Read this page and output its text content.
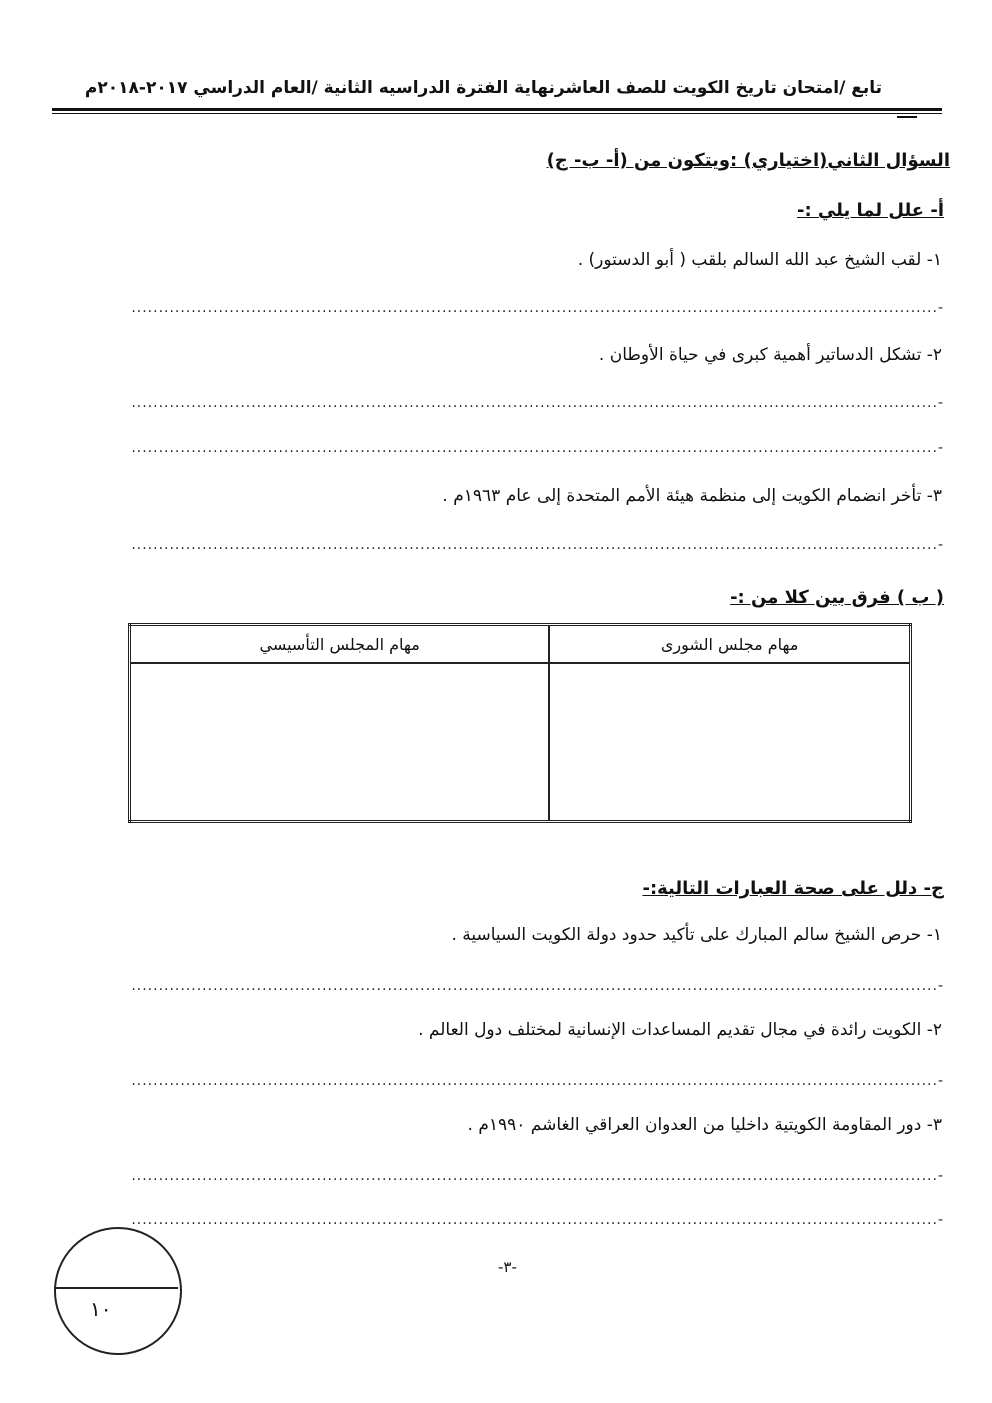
تابع /امتحان تاريخ الكويت للصف العاشرنهاية الفترة الدراسيه الثانية /العام الدراسي ٢٠١٧-٢٠١٨م
السؤال الثاني(اختياري) :ويتكون من (أ- ب- ج)
أ- علل لما يلي :-
١- لقب الشيخ عبد الله السالم بلقب ( أبو الدستور) .
-....................................................................................................................................................
٢- تشكل الدساتير أهمية كبرى في حياة الأوطان .
-....................................................................................................................................................
-....................................................................................................................................................
٣- تأخر انضمام الكويت إلى منظمة هيئة الأمم المتحدة إلى عام ١٩٦٣م .
-....................................................................................................................................................
( ب ) فرق بين كلا من :-
مهام مجلس الشورى	مهام المجلس التأسيسي

ج- دلل على صحة العبارات التالية:-
١- حرص الشيخ سالم المبارك على تأكيد حدود دولة الكويت السياسية .
-....................................................................................................................................................
٢- الكويت رائدة في مجال تقديم المساعدات الإنسانية لمختلف دول العالم .
-....................................................................................................................................................
٣- دور المقاومة الكويتية داخليا من العدوان العراقي الغاشم ١٩٩٠م .
-....................................................................................................................................................
-....................................................................................................................................................
-٣-
١٠
